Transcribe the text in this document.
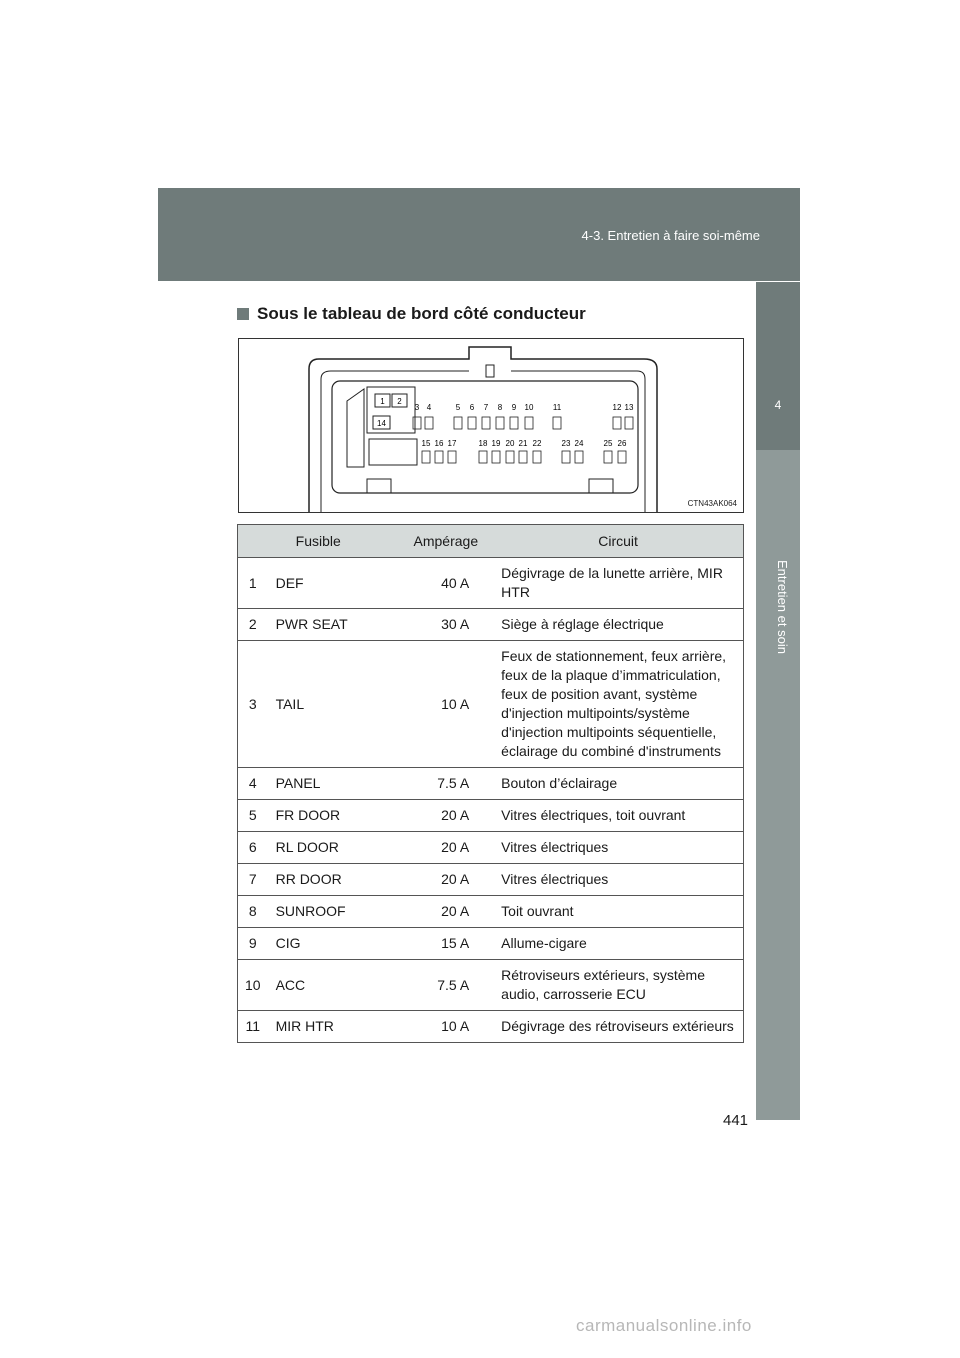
4-3. Entretien à faire soi-même
4
Entretien et soin
Sous le tableau de bord côté conducteur
1 2
3 4	5 6 7 8 9 10 11	12 13
14
15 16 17	18 19 20 21 22	23 24	25 26
CTN43AK064
Fusible		Ampérage	Circuit
1	DEF	40 A	Dégivrage de la lunette arrière, MIR HTR
2	PWR SEAT	30 A	Siège à réglage électrique
3	TAIL	10 A	Feux de stationnement, feux arrière, feux de la plaque d’immatriculation, feux de position avant, système d'injection multipoints/système d'injection multipoints séquentielle, éclairage du combiné d'instruments
4	PANEL	7.5 A	Bouton d’éclairage
5	FR DOOR	20 A	Vitres électriques, toit ouvrant
6	RL DOOR	20 A	Vitres électriques
7	RR DOOR	20 A	Vitres électriques
8	SUNROOF	20 A	Toit ouvrant
9	CIG	15 A	Allume-cigare
10	ACC	7.5 A	Rétroviseurs extérieurs, système audio, carrosserie ECU
11	MIR HTR	10 A	Dégivrage des rétroviseurs extérieurs
441
carmanualsonline.info
